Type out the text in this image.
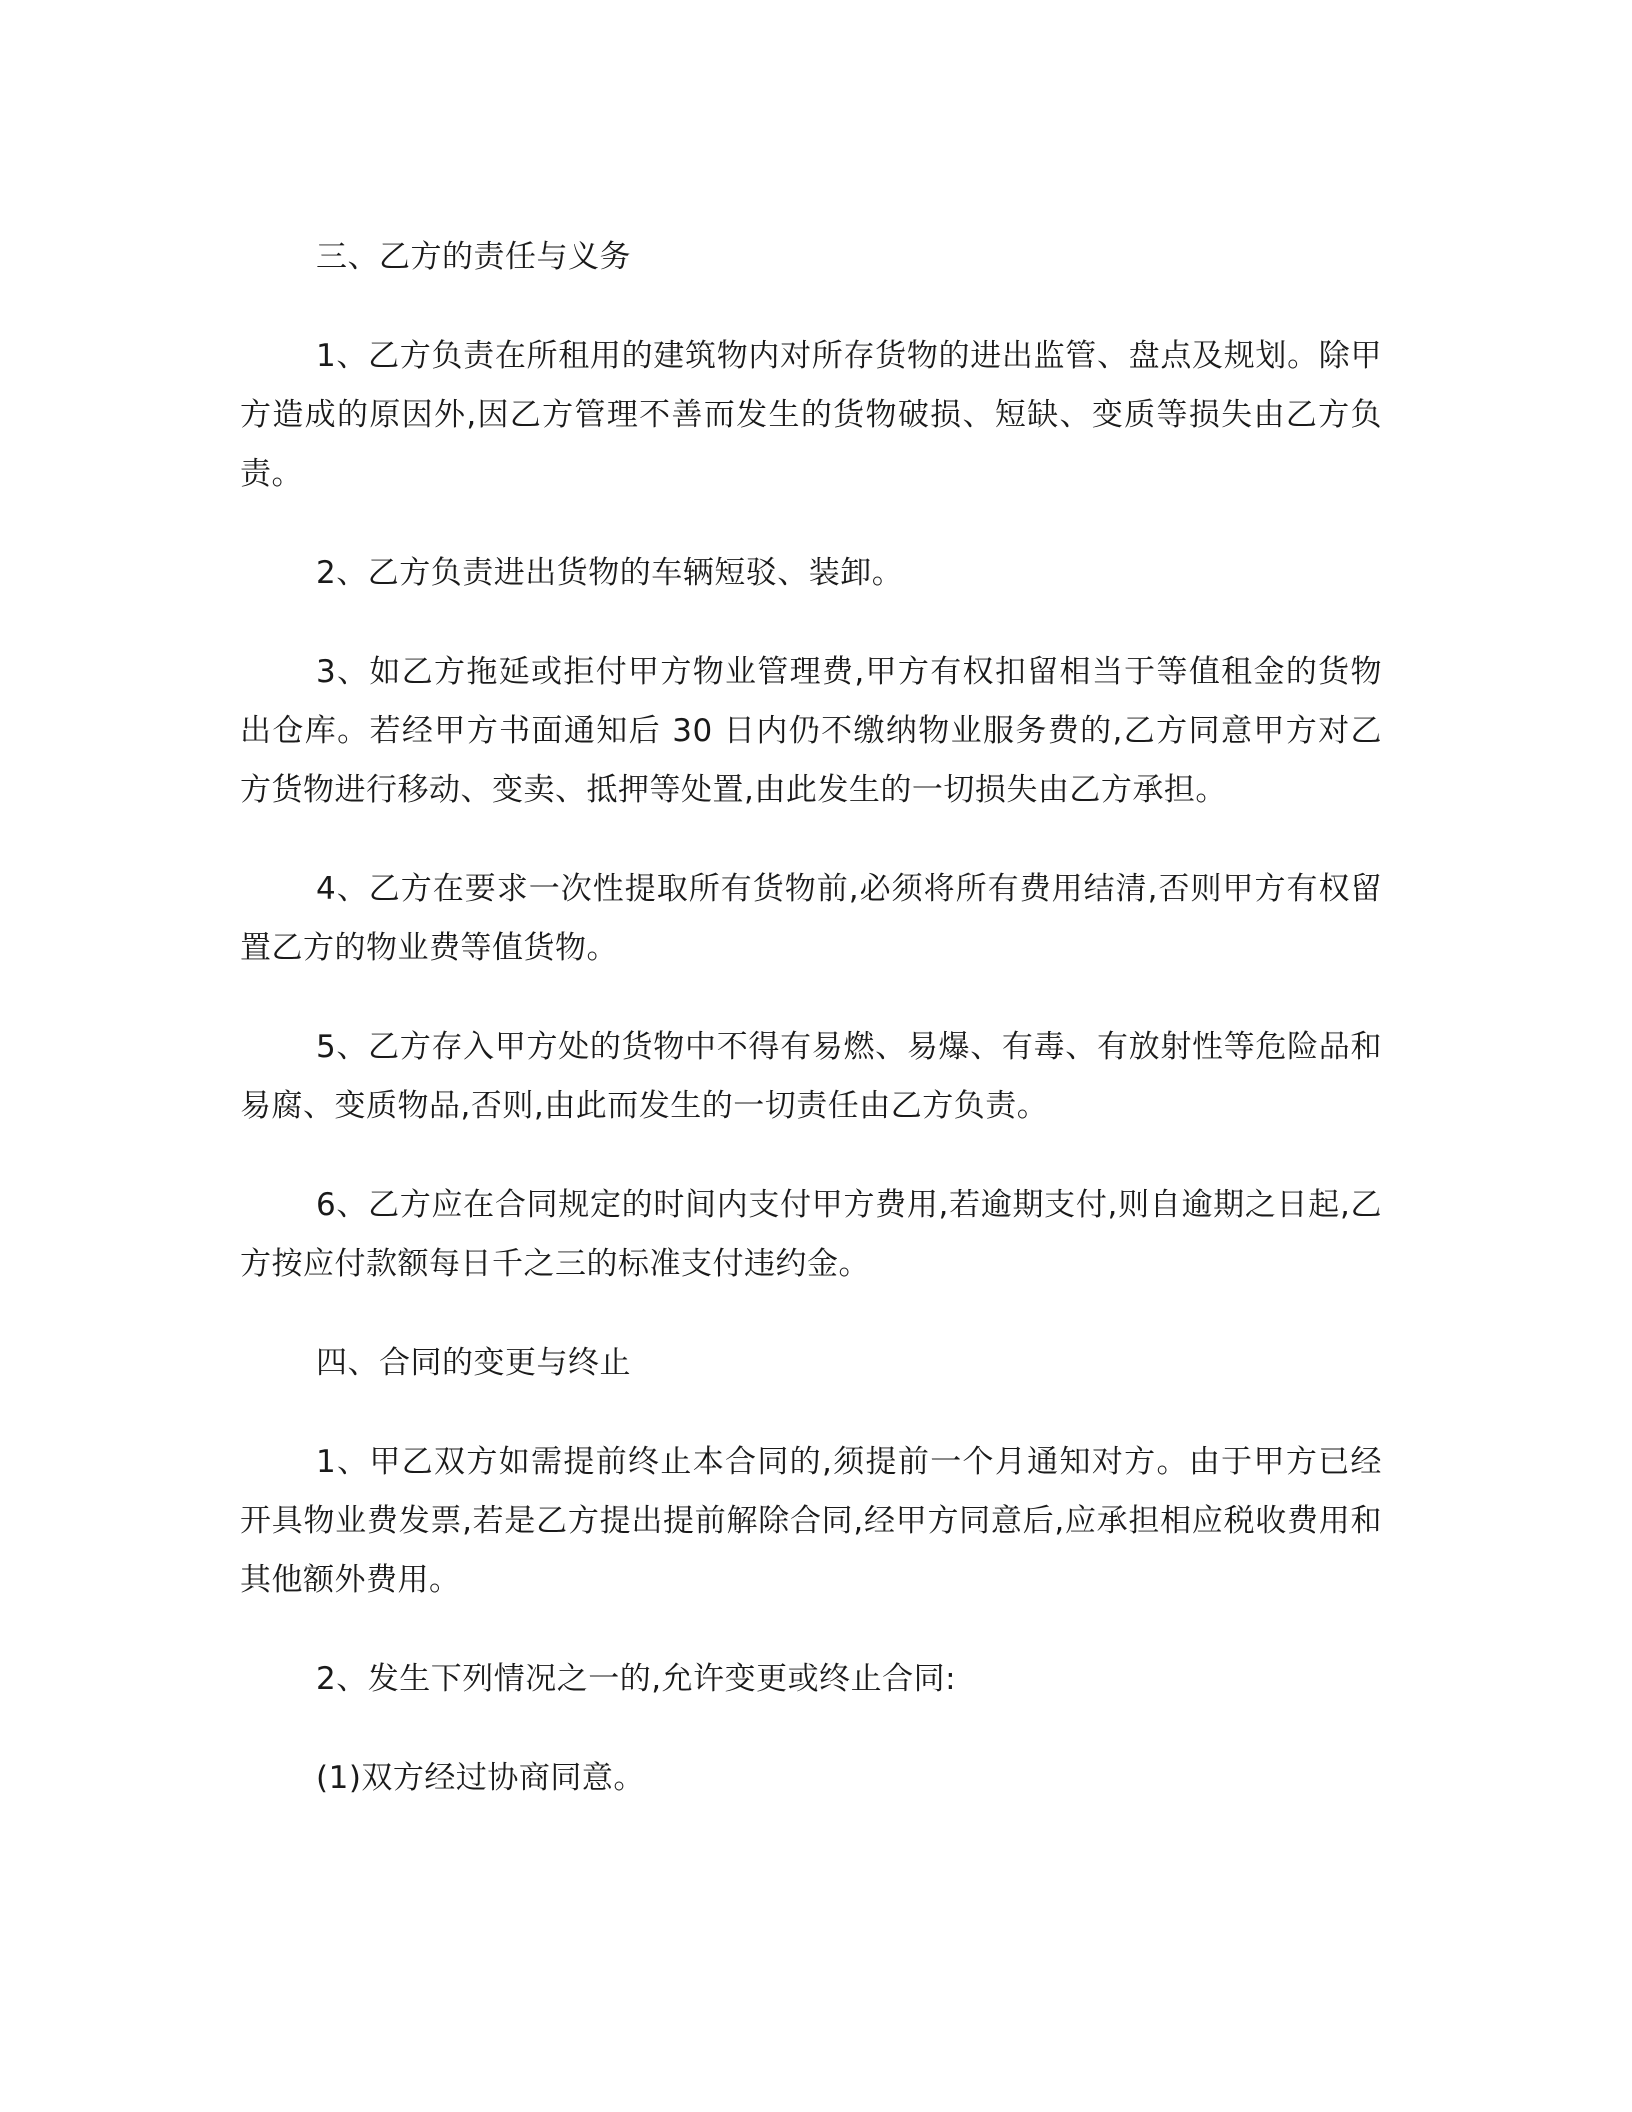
三、乙方的责任与义务

1、乙方负责在所租用的建筑物内对所存货物的进出监管、盘点及规划。除甲方造成的原因外,因乙方管理不善而发生的货物破损、短缺、变质等损失由乙方负责。

2、乙方负责进出货物的车辆短驳、装卸。

3、如乙方拖延或拒付甲方物业管理费,甲方有权扣留相当于等值租金的货物出仓库。若经甲方书面通知后 30 日内仍不缴纳物业服务费的,乙方同意甲方对乙方货物进行移动、变卖、抵押等处置,由此发生的一切损失由乙方承担。

4、乙方在要求一次性提取所有货物前,必须将所有费用结清,否则甲方有权留置乙方的物业费等值货物。

5、乙方存入甲方处的货物中不得有易燃、易爆、有毒、有放射性等危险品和易腐、变质物品,否则,由此而发生的一切责任由乙方负责。

6、乙方应在合同规定的时间内支付甲方费用,若逾期支付,则自逾期之日起,乙方按应付款额每日千之三的标准支付违约金。

四、合同的变更与终止

1、甲乙双方如需提前终止本合同的,须提前一个月通知对方。由于甲方已经开具物业费发票,若是乙方提出提前解除合同,经甲方同意后,应承担相应税收费用和其他额外费用。

2、发生下列情况之一的,允许变更或终止合同:

(1)双方经过协商同意。
